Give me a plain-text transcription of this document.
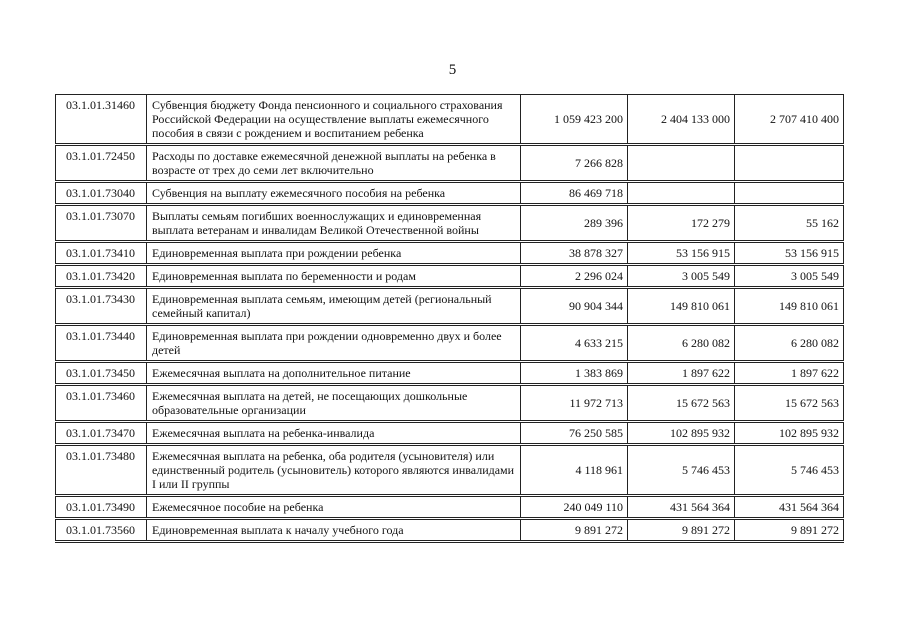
5
03.1.01.31460	Субвенция бюджету Фонда пенсионного и социального страхования Российской Федерации на осуществление выплаты ежемесячного пособия в связи с рождением и воспитанием ребенка	1 059 423 200	2 404 133 000	2 707 410 400
03.1.01.72450	Расходы по доставке ежемесячной денежной выплаты на ребенка в возрасте от трех до семи лет включительно	7 266 828		
03.1.01.73040	Субвенция на выплату ежемесячного пособия на ребенка	86 469 718		
03.1.01.73070	Выплаты семьям погибших военнослужащих и единовременная выплата ветеранам и инвалидам Великой Отечественной войны	289 396	172 279	55 162
03.1.01.73410	Единовременная выплата при рождении ребенка	38 878 327	53 156 915	53 156 915
03.1.01.73420	Единовременная выплата по беременности и родам	2 296 024	3 005 549	3 005 549
03.1.01.73430	Единовременная выплата семьям, имеющим детей (региональный семейный капитал)	90 904 344	149 810 061	149 810 061
03.1.01.73440	Единовременная выплата при рождении одновременно двух и более детей	4 633 215	6 280 082	6 280 082
03.1.01.73450	Ежемесячная выплата на дополнительное питание	1 383 869	1 897 622	1 897 622
03.1.01.73460	Ежемесячная выплата на детей, не посещающих дошкольные образовательные организации	11 972 713	15 672 563	15 672 563
03.1.01.73470	Ежемесячная выплата на ребенка-инвалида	76 250 585	102 895 932	102 895 932
03.1.01.73480	Ежемесячная выплата на ребенка, оба родителя (усыновителя) или единственный родитель (усыновитель) которого являются инвалидами I или II группы	4 118 961	5 746 453	5 746 453
03.1.01.73490	Ежемесячное пособие на ребенка	240 049 110	431 564 364	431 564 364
03.1.01.73560	Единовременная выплата к началу учебного года	9 891 272	9 891 272	9 891 272
